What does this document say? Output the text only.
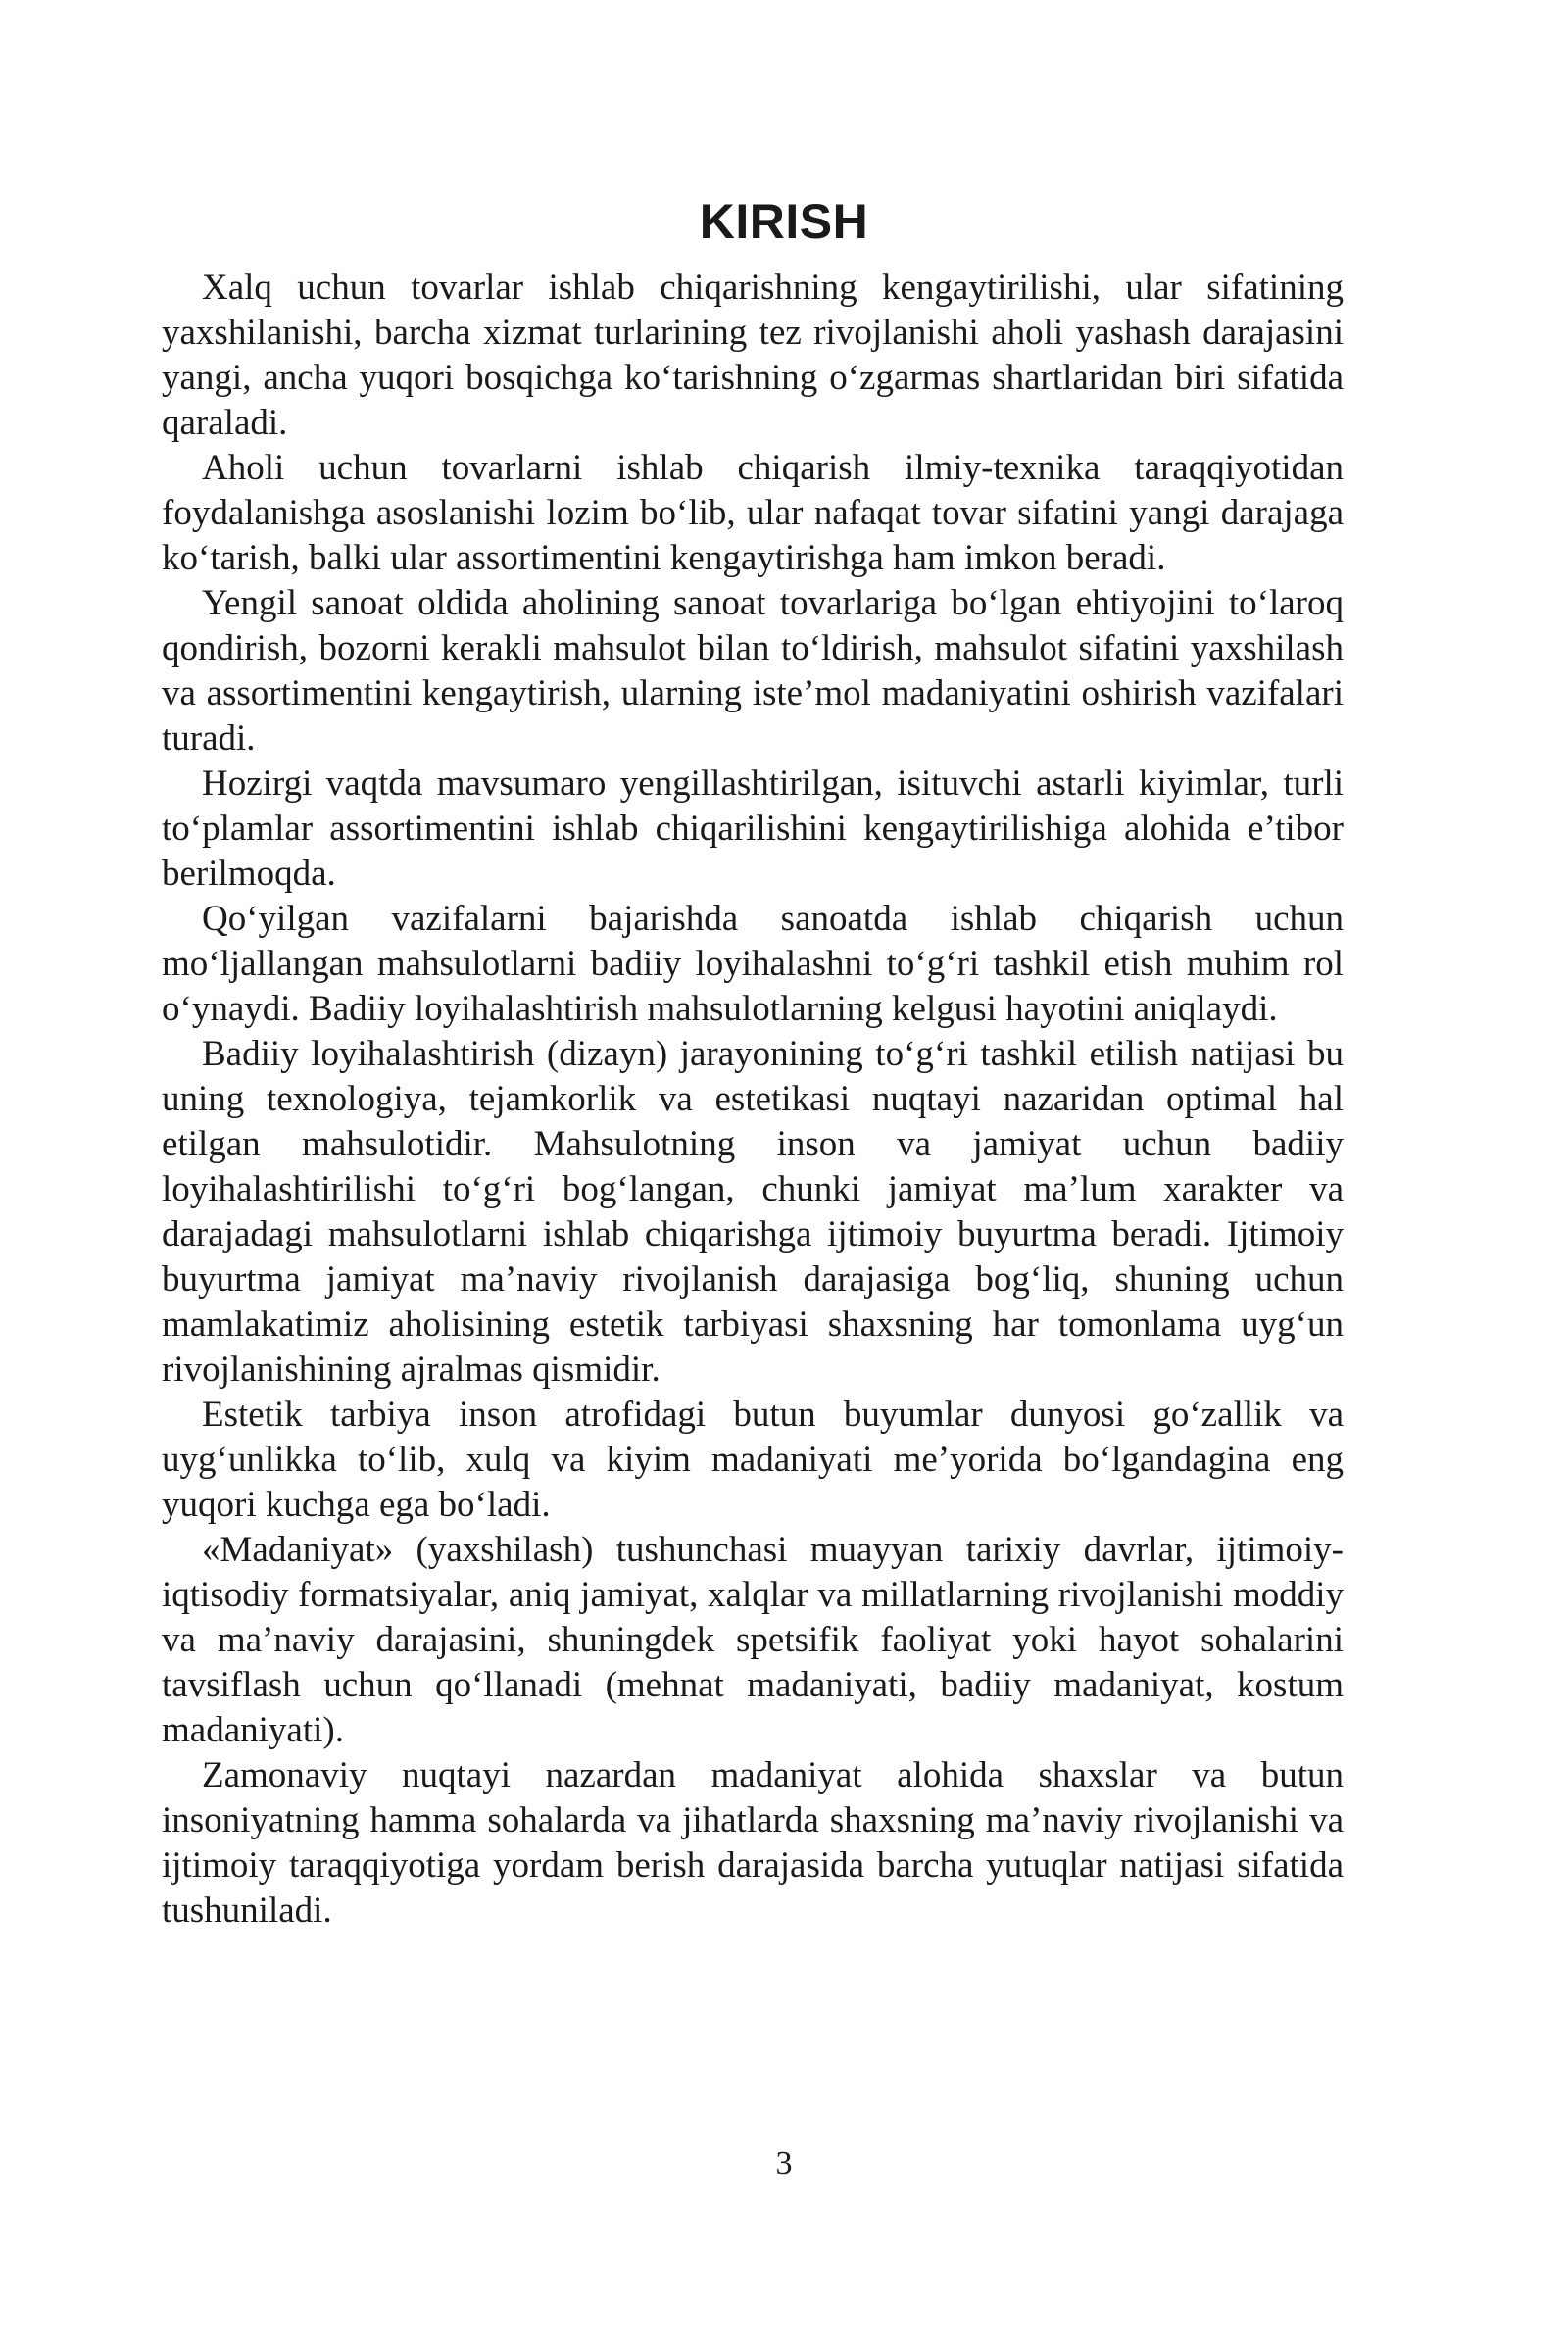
KIRISH

Xalq uchun tovarlar ishlab chiqarishning kengaytirilishi, ular sifatining yaxshilanishi, barcha xizmat turlarining tez rivojlanishi aholi yashash darajasini yangi, ancha yuqori bosqichga ko‘tarishning o‘zgarmas shartlaridan biri sifatida qaraladi.

Aholi uchun tovarlarni ishlab chiqarish ilmiy-texnika taraqqiyotidan foydalanishga asoslanishi lozim bo‘lib, ular nafaqat tovar sifatini yangi darajaga ko‘tarish, balki ular assortimentini kengaytirishga ham imkon beradi.

Yengil sanoat oldida aholining sanoat tovarlariga bo‘lgan ehtiyojini to‘laroq qondirish, bozorni kerakli mahsulot bilan to‘ldirish, mahsulot sifatini yaxshilash va assortimentini kengaytirish, ularning iste’mol madaniyatini oshirish vazifalari turadi.

Hozirgi vaqtda mavsumaro yengillashtirilgan, isituvchi astarli kiyimlar, turli to‘plamlar assortimentini ishlab chiqarilishini kengaytirilishiga alohida e’tibor berilmoqda.

Qo‘yilgan vazifalarni bajarishda sanoatda ishlab chiqarish uchun mo‘ljallangan mahsulotlarni badiiy loyihalashni to‘g‘ri tashkil etish muhim rol o‘ynaydi. Badiiy loyihalashtirish mahsulotlarning kelgusi hayotini aniqlaydi.

Badiiy loyihalashtirish (dizayn) jarayonining to‘g‘ri tashkil etilish natijasi bu uning texnologiya, tejamkorlik va estetikasi nuqtayi nazaridan optimal hal etilgan mahsulotidir. Mahsulotning inson va jamiyat uchun badiiy loyihalashtirilishi to‘g‘ri bog‘langan, chunki jamiyat ma’lum xarakter va darajadagi mahsulotlarni ishlab chiqarishga ijtimoiy buyurtma beradi. Ijtimoiy buyurtma jamiyat ma’naviy rivojlanish darajasiga bog‘liq, shuning uchun mamlakatimiz aholisining estetik tarbiyasi shaxsning har tomonlama uyg‘un rivojlanishining ajralmas qismidir.

Estetik tarbiya inson atrofidagi butun buyumlar dunyosi go‘zallik va uyg‘unlikka to‘lib, xulq va kiyim madaniyati me’yorida bo‘lgandagina eng yuqori kuchga ega bo‘ladi.

«Madaniyat» (yaxshilash) tushunchasi muayyan tarixiy davrlar, ijtimoiy-iqtisodiy formatsiyalar, aniq jamiyat, xalqlar va millatlarning rivojlanishi moddiy va ma’naviy darajasini, shuningdek spetsifik faoliyat yoki hayot sohalarini tavsiflash uchun qo‘llanadi (mehnat madaniyati, badiiy madaniyat, kostum madaniyati).

Zamonaviy nuqtayi nazardan madaniyat alohida shaxslar va butun insoniyatning hamma sohalarda va jihatlarda shaxsning ma’naviy rivojlanishi va ijtimoiy taraqqiyotiga yordam berish darajasida barcha yutuqlar natijasi sifatida tushuniladi.

3
